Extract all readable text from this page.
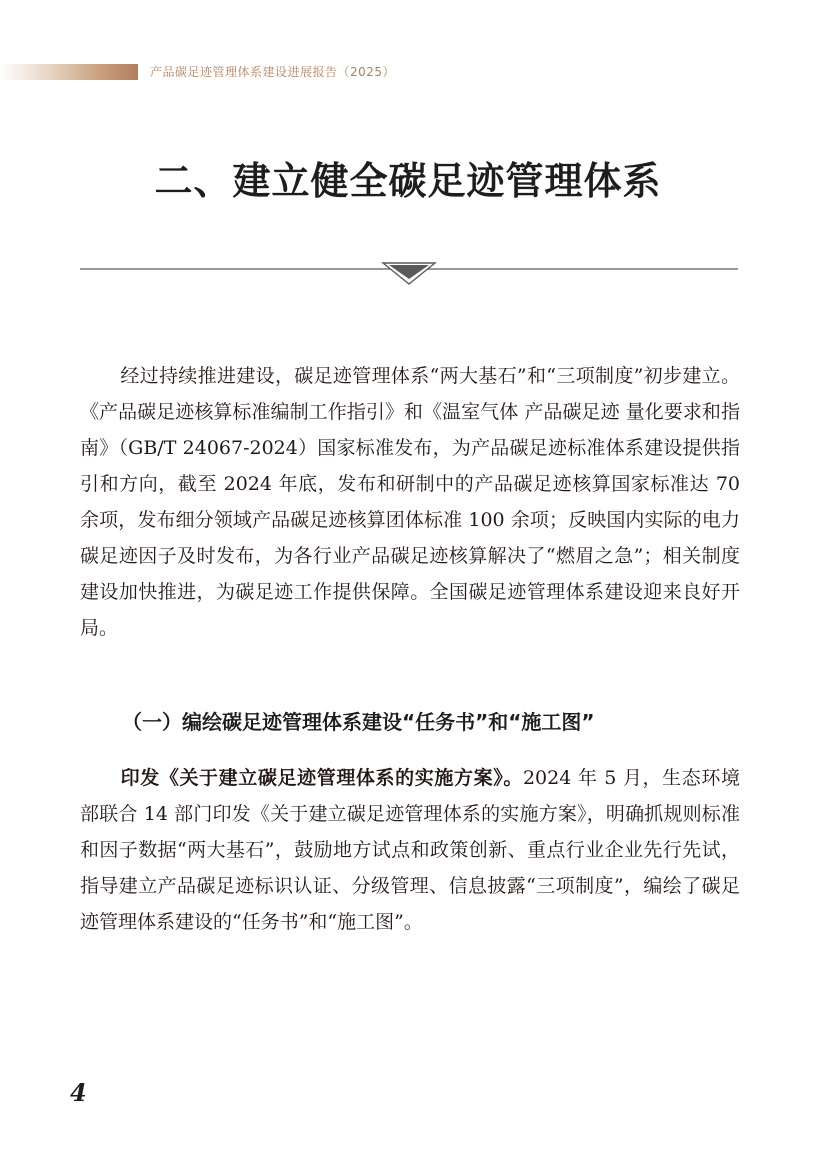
产品碳足迹管理体系建设进展报告（2025）
二、建立健全碳足迹管理体系

经过持续推进建设，碳足迹管理体系“两大基石”和“三项制度”初步建立。《产品碳足迹核算标准编制工作指引》和《温室气体 产品碳足迹 量化要求和指南》（GB/T 24067-2024）国家标准发布，为产品碳足迹标准体系建设提供指引和方向，截至 2024 年底，发布和研制中的产品碳足迹核算国家标准达 70 余项，发布细分领域产品碳足迹核算团体标准 100 余项；反映国内实际的电力碳足迹因子及时发布，为各行业产品碳足迹核算解决了“燃眉之急”；相关制度建设加快推进，为碳足迹工作提供保障。全国碳足迹管理体系建设迎来良好开局。

（一）编绘碳足迹管理体系建设“任务书”和“施工图”

印发《关于建立碳足迹管理体系的实施方案》。2024 年 5 月，生态环境部联合 14 部门印发《关于建立碳足迹管理体系的实施方案》，明确抓规则标准和因子数据“两大基石”，鼓励地方试点和政策创新、重点行业企业先行先试，指导建立产品碳足迹标识认证、分级管理、信息披露“三项制度”，编绘了碳足迹管理体系建设的“任务书”和“施工图”。

4
